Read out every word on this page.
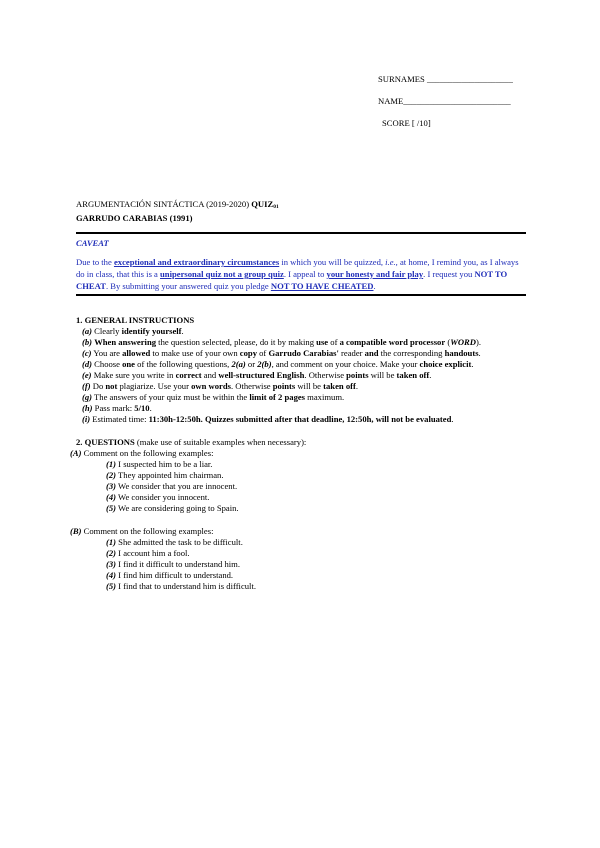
SURNAMES ____________________
NAME_________________________
SCORE [ /10]
ARGUMENTACIÓN SINTÁCTICA (2019-2020) QUIZ01
GARRUDO CARABIAS (1991)
CAVEAT

Due to the exceptional and extraordinary circumstances in which you will be quizzed, i.e., at home, I remind you, as I always do in class, that this is a unipersonal quiz not a group quiz. I appeal to your honesty and fair play. I request you NOT TO CHEAT. By submitting your answered quiz you pledge NOT TO HAVE CHEATED.

1. GENERAL INSTRUCTIONS
(a) Clearly identify yourself.
(b) When answering the question selected, please, do it by making use of a compatible word processor (WORD).
(c) You are allowed to make use of your own copy of Garrudo Carabias' reader and the corresponding handouts.
(d) Choose one of the following questions, 2(a) or 2(b), and comment on your choice. Make your choice explicit.
(e) Make sure you write in correct and well-structured English. Otherwise points will be taken off.
(f) Do not plagiarize. Use your own words. Otherwise points will be taken off.
(g) The answers of your quiz must be within the limit of 2 pages maximum.
(h) Pass mark: 5/10.
(i) Estimated time: 11:30h-12:50h. Quizzes submitted after that deadline, 12:50h, will not be evaluated.
2. QUESTIONS (make use of suitable examples when necessary):
(A) Comment on the following examples:
(1) I suspected him to be a liar.
(2) They appointed him chairman.
(3) We consider that you are innocent.
(4) We consider you innocent.
(5) We are considering going to Spain.
(B) Comment on the following examples:
(1) She admitted the task to be difficult.
(2) I account him a fool.
(3) I find it difficult to understand him.
(4) I find him difficult to understand.
(5) I find that to understand him is difficult.
